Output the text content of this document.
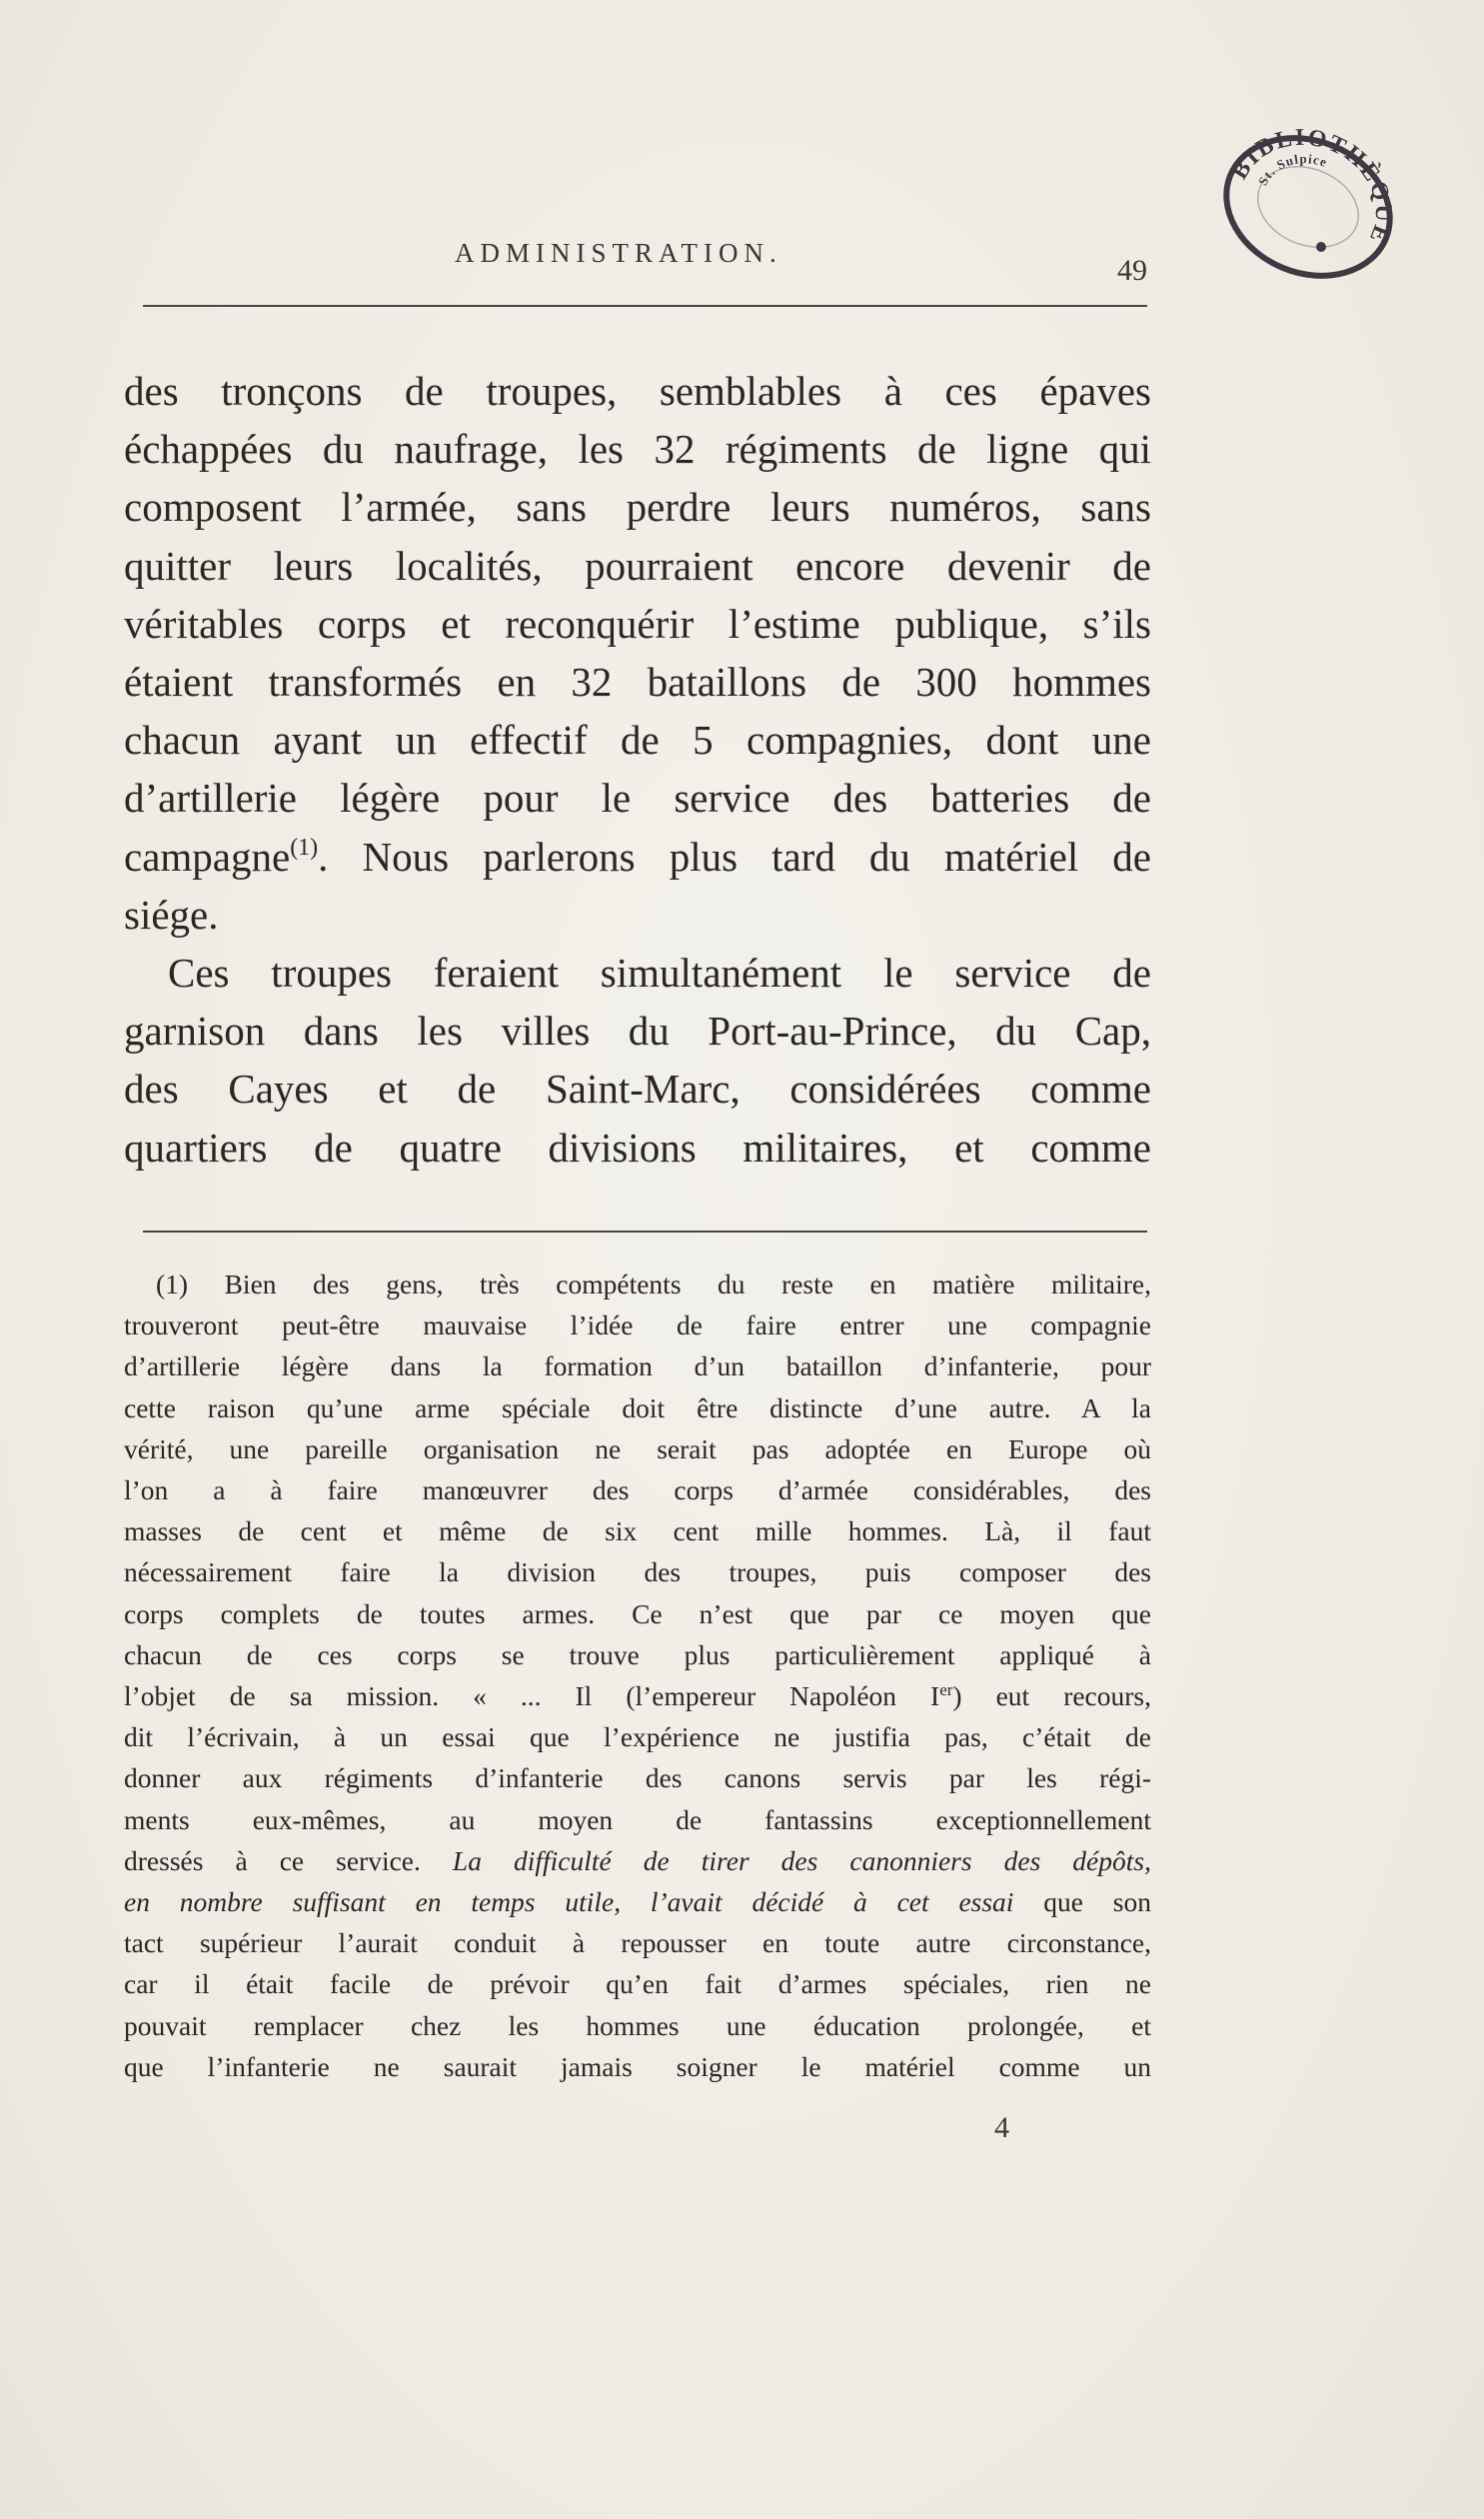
BIBLIOTHÈQUE
St. Sulpice
ADMINISTRATION.
49
des tronçons de troupes, semblables à ces épaves
échappées du naufrage, les 32 régiments de ligne qui
composent l’armée, sans perdre leurs numéros, sans
quitter leurs localités, pourraient encore devenir de
véritables corps et reconquérir l’estime publique, s’ils
étaient transformés en 32 bataillons de 300 hommes
chacun ayant un effectif de 5 compagnies, dont une
d’artillerie légère pour le service des batteries de
campagne$^{(1)}$. Nous parlerons plus tard du matériel de
siége.
Ces troupes feraient simultanément le service de
garnison dans les villes du Port-au-Prince, du Cap,
des Cayes et de Saint-Marc, considérées comme
quartiers de quatre divisions militaires, et comme
(1) Bien des gens, très compétents du reste en matière militaire,
trouveront peut-être mauvaise l’idée de faire entrer une compagnie
d’artillerie légère dans la formation d’un bataillon d’infanterie, pour
cette raison qu’une arme spéciale doit être distincte d’une autre. A la
vérité, une pareille organisation ne serait pas adoptée en Europe où
l’on a à faire manœuvrer des corps d’armée considérables, des
masses de cent et même de six cent mille hommes. Là, il faut
nécessairement faire la division des troupes, puis composer des
corps complets de toutes armes. Ce n’est que par ce moyen que
chacun de ces corps se trouve plus particulièrement appliqué à
l’objet de sa mission. « ... Il (l’empereur Napoléon Ier) eut recours,
dit l’écrivain, à un essai que l’expérience ne justifia pas, c’était de
donner aux régiments d’infanterie des canons servis par les régi-
ments eux-mêmes, au moyen de fantassins exceptionnellement
dressés à ce service. La difficulté de tirer des canonniers des dépôts,
en nombre suffisant en temps utile, l’avait décidé à cet essai que son
tact supérieur l’aurait conduit à repousser en toute autre circonstance,
car il était facile de prévoir qu’en fait d’armes spéciales, rien ne
pouvait remplacer chez les hommes une éducation prolongée, et
que l’infanterie ne saurait jamais soigner le matériel comme un
4
